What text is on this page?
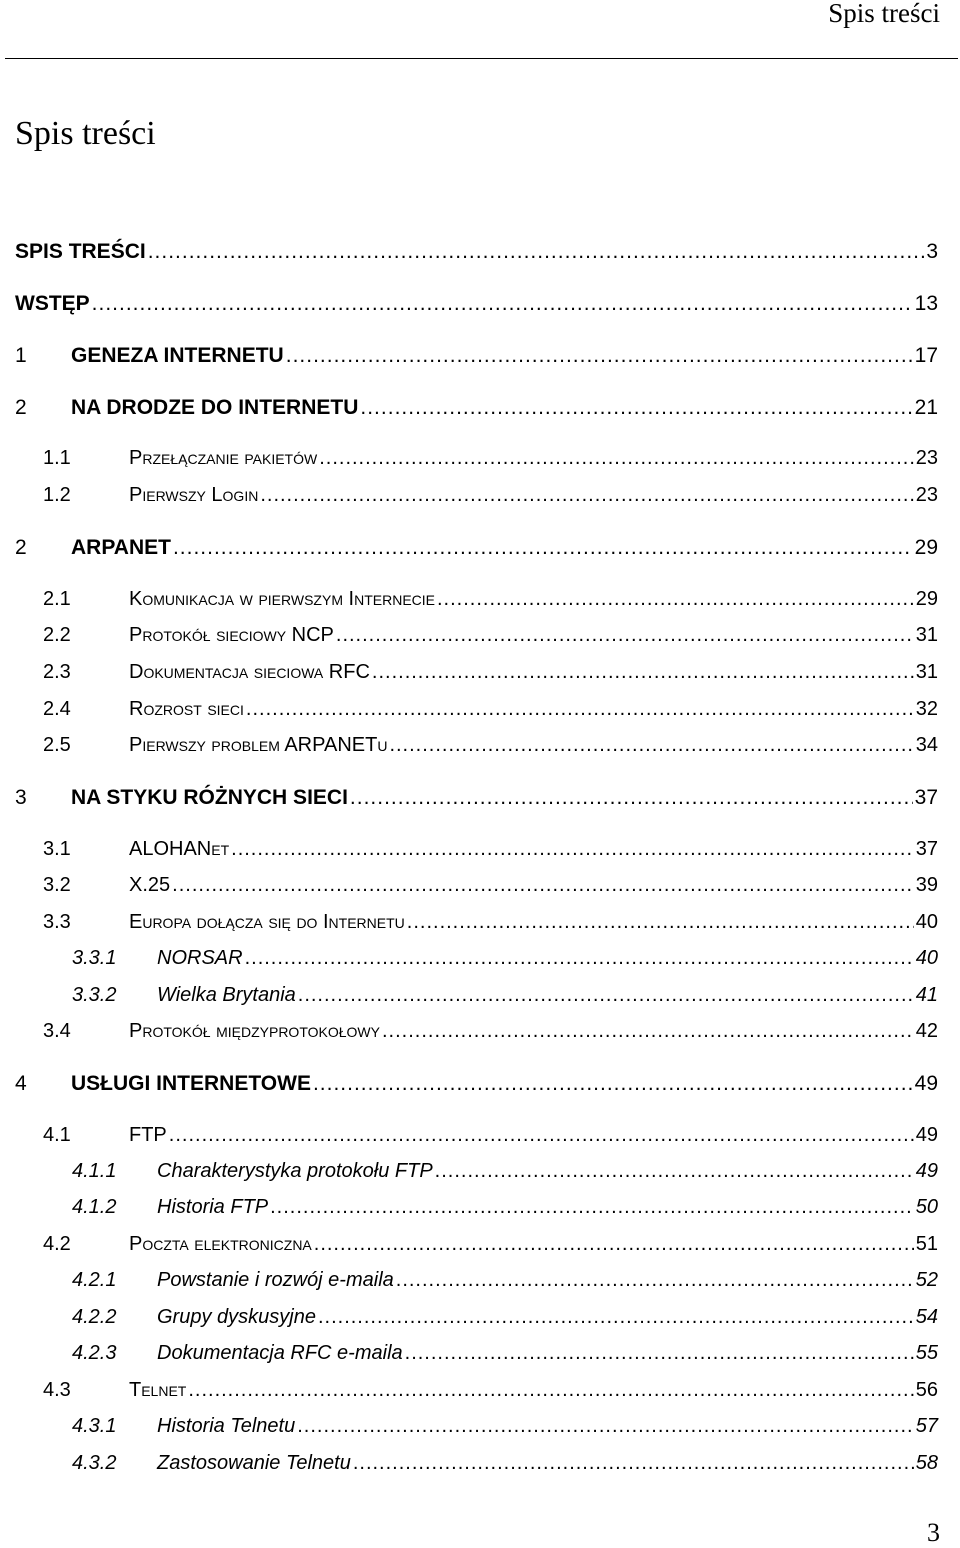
Spis treści
Spis treści
SPIS TREŚCI .....	3
WSTĘP .....	13
1	GENEZA INTERNETU .....	17
2	NA DRODZE DO INTERNETU .....	21
1.1	Przełączanie pakietów .....	23
1.2	Pierwszy Login .....	23
2	ARPANET .....	29
2.1	Komunikacja w pierwszym Internecie .....	29
2.2	Protokół sieciowy NCP .....	31
2.3	Dokumentacja sieciowa RFC .....	31
2.4	Rozrost sieci .....	32
2.5	Pierwszy problem ARPANETu .....	34
3	NA STYKU RÓŻNYCH SIECI .....	37
3.1	ALOHANet .....	37
3.2	X.25 .....	39
3.3	Europa dołącza się do Internetu .....	40
3.3.1	NORSAR .....	40
3.3.2	Wielka Brytania .....	41
3.4	Protokół międzyprotokołowy .....	42
4	USŁUGI INTERNETOWE .....	49
4.1	FTP .....	49
4.1.1	Charakterystyka protokołu FTP .....	49
4.1.2	Historia FTP .....	50
4.2	Poczta elektroniczna .....	51
4.2.1	Powstanie i rozwój e-maila .....	52
4.2.2	Grupy dyskusyjne .....	54
4.2.3	Dokumentacja RFC e-maila .....	55
4.3	Telnet .....	56
4.3.1	Historia Telnetu .....	57
4.3.2	Zastosowanie Telnetu .....	58
3
